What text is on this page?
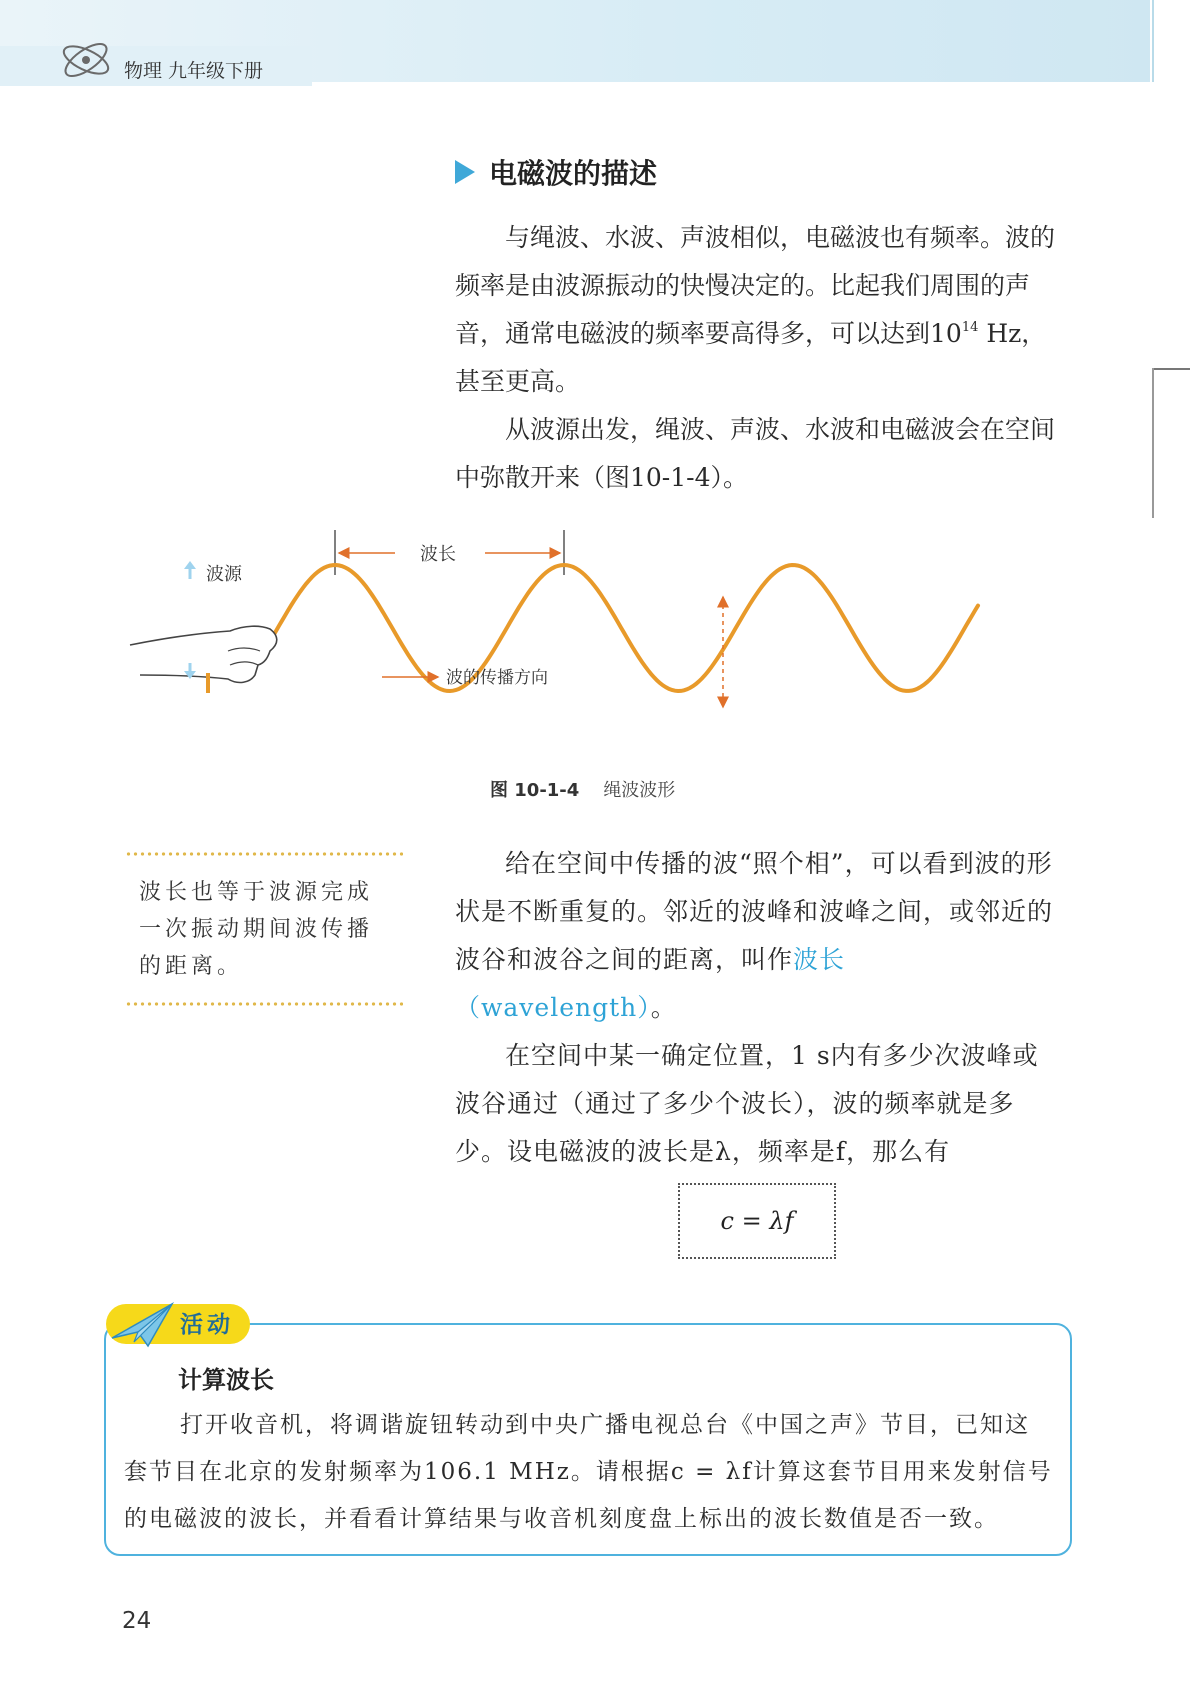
物理 九年级下册
电磁波的描述
与绳波、水波、声波相似，电磁波也有频率。波的频率是由波源振动的快慢决定的。比起我们周围的声音，通常电磁波的频率要高得多，可以达到$10^{14}$ Hz，甚至更高。
从波源出发，绳波、声波、水波和电磁波会在空间中弥散开来（图10-1-4）。
波长
波源
波的传播方向
图 10-1-4 绳波波形
波长也等于波源完成一次振动期间波传播的距离。
给在空间中传播的波“照个相”，可以看到波的形状是不断重复的。邻近的波峰和波峰之间，或邻近的波谷和波谷之间的距离，叫作波长（wavelength）。
在空间中某一确定位置，1 s内有多少次波峰或波谷通过（通过了多少个波长），波的频率就是多少。设电磁波的波长是λ，频率是f，那么有
c = λf
活动
计算波长
打开收音机，将调谐旋钮转动到中央广播电视总台《中国之声》节目，已知这套节目在北京的发射频率为106.1 MHz。请根据c = λf计算这套节目用来发射信号的电磁波的波长，并看看计算结果与收音机刻度盘上标出的波长数值是否一致。
24
